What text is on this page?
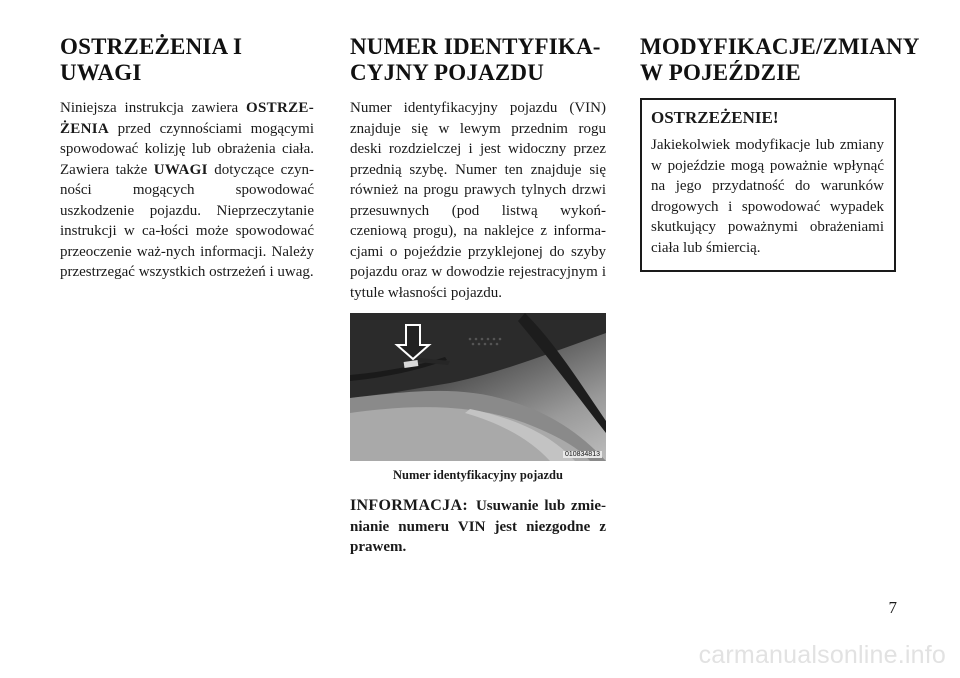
OSTRZEŻENIA I
UWAGI

Niniejsza instrukcja zawiera OSTRZE-ŻENIA przed czynnościami mogącymi spowodować kolizję lub obrażenia ciała. Zawiera także UWAGI dotyczące czyn-ności mogących spowodować uszkodzenie pojazdu. Nieprzeczytanie instrukcji w ca-łości może spowodować przeoczenie waż-nych informacji. Należy przestrzegać wszystkich ostrzeżeń i uwag.

NUMER IDENTYFIKA-
CYJNY POJAZDU

Numer identyfikacyjny pojazdu (VIN) znajduje się w lewym przednim rogu deski rozdzielczej i jest widoczny przez przednią szybę. Numer ten znajduje się również na progu prawych tylnych drzwi przesuwnych (pod listwą wykoń-czeniową progu), na naklejce z informa-cjami o pojeździe przyklejonej do szyby pojazdu oraz w dowodzie rejestracyjnym i tytule własności pojazdu.

010834813
Numer identyfikacyjny pojazdu

INFORMACJA: Usuwanie lub zmie-nianie numeru VIN jest niezgodne z prawem.

MODYFIKACJE/ZMIANY
W POJEŹDZIE
OSTRZEŻENIE!

Jakiekolwiek modyfikacje lub zmiany w pojeździe mogą poważnie wpłynąć na jego przydatność do warunków drogowych i spowodować wypadek skutkujący poważnymi obrażeniami ciała lub śmiercią.

7
carmanualsonline.info
